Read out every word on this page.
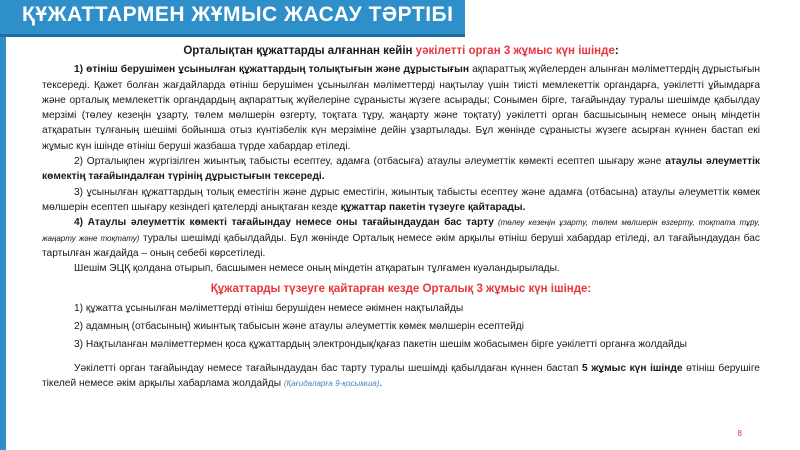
ҚҰЖАТТАРМЕН ЖҰМЫС ЖАСАУ ТӘРТІБІ
Орталықтан құжаттарды алғаннан кейін уәкілетті орган 3 жұмыс күн ішінде:

1) өтініш берушімен ұсынылған құжаттардың толықтығын және дұрыстығын ақпараттық жүйелерден алынған мәліметтердің дұрыстығын тексереді. Қажет болған жағдайларда өтініш берушімен ұсынылған мәліметтерді нақтылау үшін тиісті мемлекеттік органдарға, уәкілетті ұйымдарға және орталық мемлекеттік органдардың ақпараттық жүйелеріне сұранысты жүзеге асырады; Сонымен бірге, тағайындау туралы шешімде қабылдау мерзімі (төлеу кезеңін ұзарту, төлем мөлшерін өзгерту, тоқтата тұру, жаңарту және тоқтату) уәкілетті орган басшысының немесе оның міндетін атқаратын тұлғаның шешімі бойынша отыз күнтізбелік күн мерзіміне дейін ұзартылады. Бұл жөнінде сұранысты жүзеге асырған күннен бастап екі жұмыс күн ішінде өтініш беруші жазбаша түрде хабардар етіледі.

2) Орталықпен жүргізілген жиынтық табысты есептеу, адамға (отбасыға) атаулы әлеуметтік көмекті есептеп шығару және атаулы әлеуметтік көмектің тағайындалған түрінің дұрыстығын тексереді.

3) ұсынылған құжаттардың толық еместігін және дұрыс еместігін, жиынтық табысты есептеу және адамға (отбасына) атаулы әлеуметтік көмек мөлшерін есептеп шығару кезіндегі қателерді анықтаған кезде құжаттар пакетін түзеуге қайтарады.

4) Атаулы әлеуметтік көмекті тағайындау немесе оны тағайындаудан бас тарту (төлеу кезеңін ұзарту, төлем мөлшерін өзгерту, тоқтата тұру, жаңарту және тоқтату) туралы шешімді қабылдайды. Бұл жөнінде Орталық немесе әкім арқылы өтініш беруші хабардар етіледі, ал тағайындаудан бас тартылған жағдайда – оның себебі көрсетіледі.

Шешім ЭЦҚ қолдана отырып, басшымен немесе оның міндетін атқаратын тұлғамен куәландырылады.

Құжаттарды түзеуге қайтарған кезде Орталық 3 жұмыс күн ішінде:
1) құжатта ұсынылған мәліметтерді өтініш берушіден немесе әкімнен нақтылайды
2) адамның (отбасының) жиынтық табысын және атаулы әлеуметтік көмек мөлшерін есептейді
3) Нақтыланған мәліметтермен қоса құжаттардың электрондық/қағаз пакетін шешім жобасымен бірге уәкілетті органға жолдайды

Уәкілетті орган тағайындау немесе тағайындаудан бас тарту туралы шешімді қабылдаған күннен бастап 5 жұмыс күн ішінде өтініш берушіге тікелей немесе әкім арқылы хабарлама жолдайды (Қағидаларға 9-қосымша).

8
